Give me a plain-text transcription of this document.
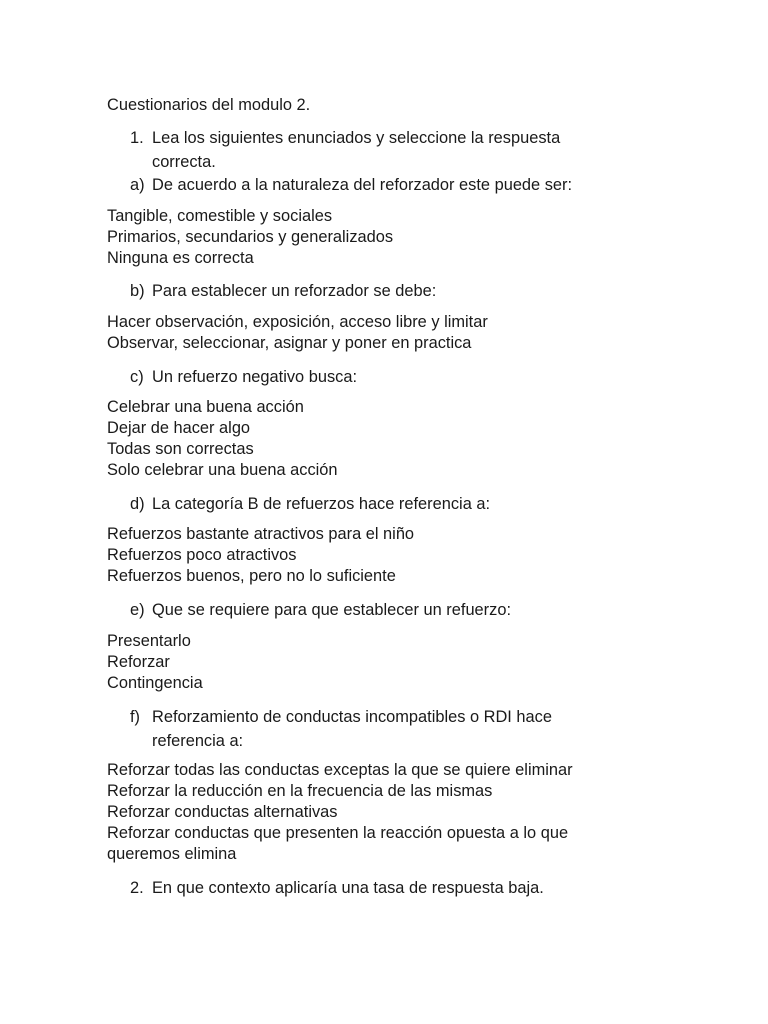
Cuestionarios del modulo 2.

1. Lea los siguientes enunciados y seleccione la respuesta correcta.
a) De acuerdo a la naturaleza del reforzador este puede ser:
Tangible, comestible y sociales
Primarios, secundarios y generalizados
Ninguna es correcta
b) Para establecer un reforzador se debe:
Hacer observación, exposición, acceso libre y limitar
Observar, seleccionar, asignar y poner en practica
c) Un refuerzo negativo busca:
Celebrar una buena acción
Dejar de hacer algo
Todas son correctas
Solo celebrar una buena acción
d) La categoría B de refuerzos hace referencia a:
Refuerzos bastante atractivos para el niño
Refuerzos poco atractivos
Refuerzos buenos, pero no lo suficiente
e) Que se requiere para que establecer un refuerzo:
Presentarlo
Reforzar
Contingencia
f) Reforzamiento de conductas incompatibles o RDI hace referencia a:
Reforzar todas las conductas exceptas la que se quiere eliminar
Reforzar la reducción en la frecuencia de las mismas
Reforzar conductas alternativas
Reforzar conductas que presenten la reacción opuesta a lo que
queremos elimina
2. En que contexto aplicaría una tasa de respuesta baja.
